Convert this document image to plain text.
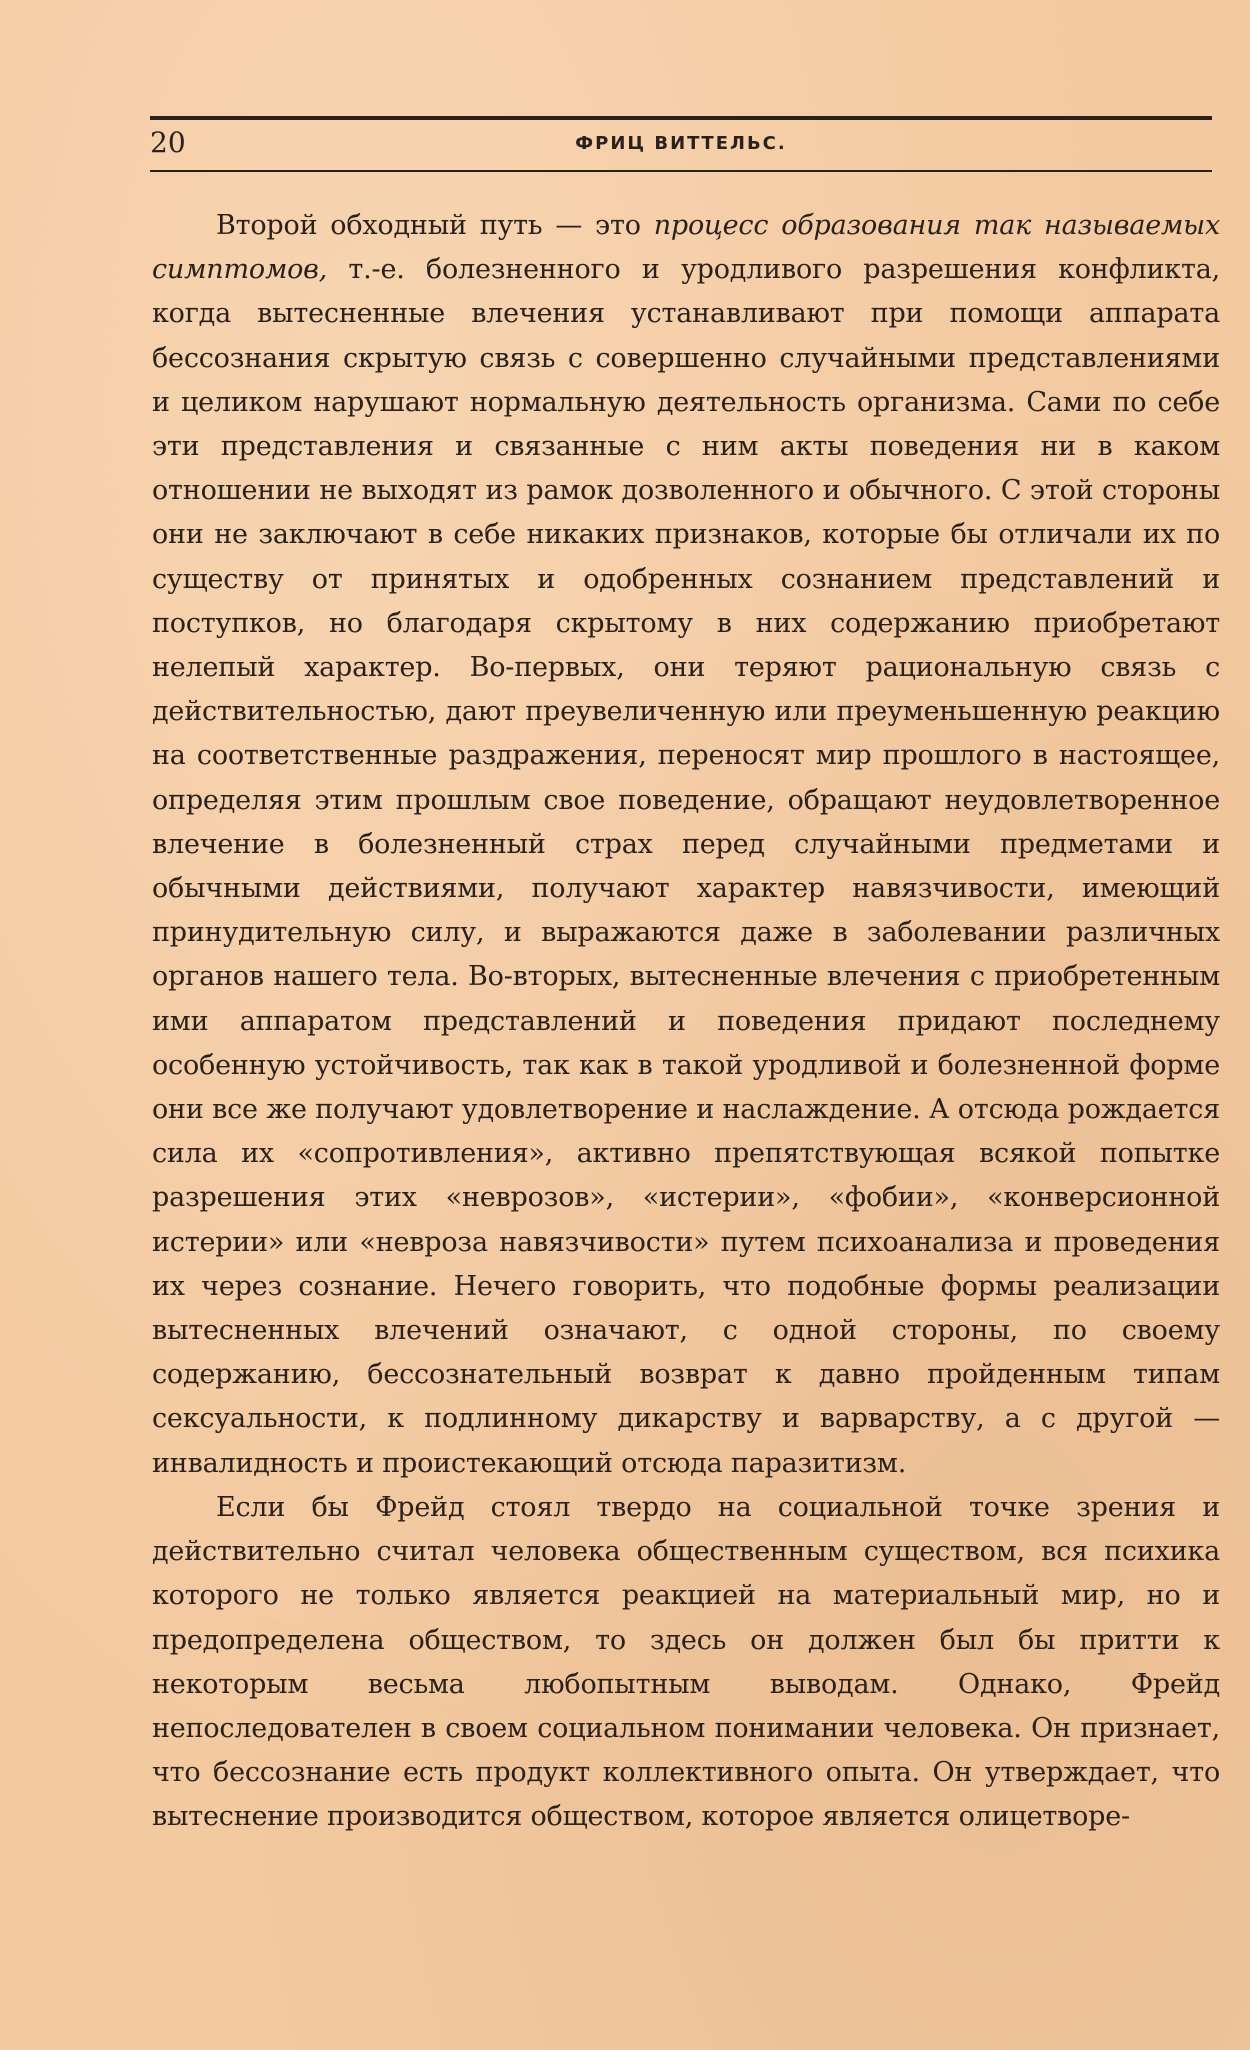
20	ФРИЦ ВИТТЕЛЬС.

Второй обходный путь — это процесс образования так называемых симптомов, т.-е. болезненного и уродливого разрешения конфликта, когда вытесненные влечения устанавливают при помощи аппарата бессознания скрытую связь с совершенно случайными представлениями и целиком нарушают нормальную деятельность организма. Сами по себе эти представления и связанные с ним акты поведения ни в каком отношении не выходят из рамок дозволенного и обычного. С этой стороны они не заключают в себе никаких признаков, которые бы отличали их по существу от принятых и одобренных сознанием представлений и поступков, но благодаря скрытому в них содержанию приобретают нелепый характер. Во-первых, они теряют рациональную связь с действительностью, дают преувеличенную или преуменьшенную реакцию на соответственные раздражения, переносят мир прошлого в настоящее, определяя этим прошлым свое поведение, обращают неудовлетворенное влечение в болезненный страх перед случайными предметами и обычными действиями, получают характер навязчивости, имеющий принудительную силу, и выражаются даже в заболевании различных органов нашего тела. Во-вторых, вытесненные влечения с приобретенным ими аппаратом представлений и поведения придают последнему особенную устойчивость, так как в такой уродливой и болезненной форме они все же получают удовлетворение и наслаждение. А отсюда рождается сила их «сопротивления», активно препятствующая всякой попытке разрешения этих «неврозов», «истерии», «фобии», «конверсионной истерии» или «невроза навязчивости» путем психоанализа и проведения их через сознание. Нечего говорить, что подобные формы реализации вытесненных влечений означают, с одной стороны, по своему содержанию, бессознательный возврат к давно пройденным типам сексуальности, к подлинному дикарству и варварству, а с другой — инвалидность и проистекающий отсюда паразитизм.

Если бы Фрейд стоял твердо на социальной точке зрения и действительно считал человека общественным существом, вся психика которого не только является реакцией на материальный мир, но и предопределена обществом, то здесь он должен был бы притти к некоторым весьма любопытным выводам. Однако, Фрейд непоследователен в своем социальном понимании человека. Он признает, что бессознание есть продукт коллективного опыта. Он утверждает, что вытеснение производится обществом, которое является олицетворе-
